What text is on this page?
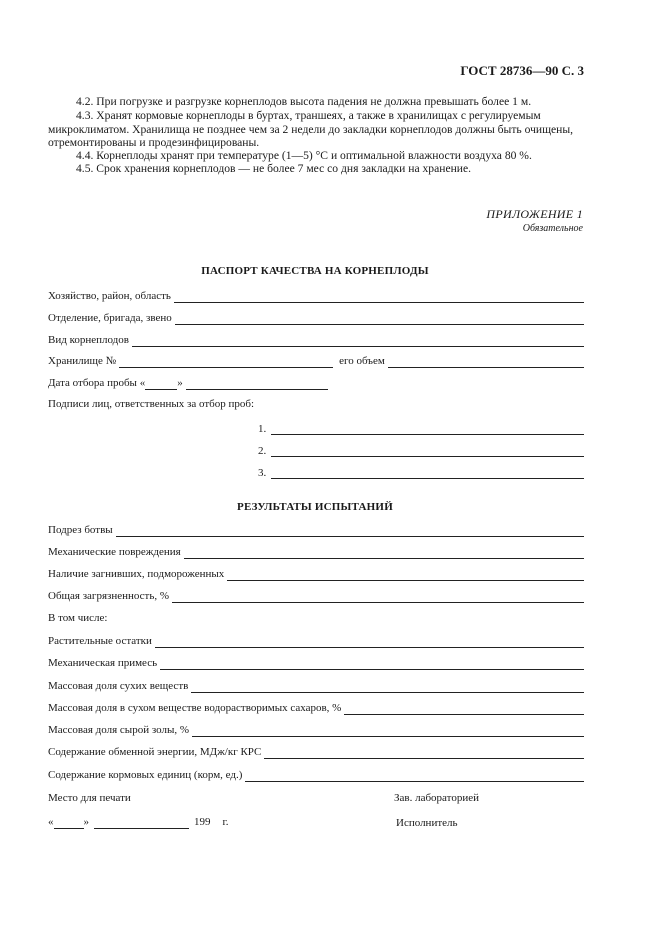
ГОСТ 28736—90 С. 3
4.2. При погрузке и разгрузке корнеплодов высота падения не должна превышать более 1 м.
4.3. Хранят кормовые корнеплоды в буртах, траншеях, а также в хранилищах с регулируемым микроклиматом. Хранилища не позднее чем за 2 недели до закладки корнеплодов должны быть очищены, отремонтированы и продезинфицированы.
4.4. Корнеплоды хранят при температуре (1—5) °С и оптимальной влажности воздуха 80 %.
4.5. Срок хранения корнеплодов — не более 7 мес со дня закладки на хранение.
ПРИЛОЖЕНИЕ 1
Обязательное
ПАСПОРТ КАЧЕСТВА НА КОРНЕПЛОДЫ
Хозяйство, район, область
Отделение, бригада, звено
Вид корнеплодов
Хранилище №	его объем
Дата отбора пробы «	»
Подписи лиц, ответственных за отбор проб:
1.
2.
3.
РЕЗУЛЬТАТЫ ИСПЫТАНИЙ
Подрез ботвы
Механические повреждения
Наличие загнивших, подмороженных
Общая загрязненность, %
В том числе:
Растительные остатки
Механическая примесь
Массовая доля сухих веществ
Массовая доля в сухом веществе водорастворимых сахаров, %
Массовая доля сырой золы, %
Содержание обменной энергии, МДж/кг КРС
Содержание кормовых единиц (корм, ед.)
Место для печати	Зав. лабораторией
«	»	199 г.	Исполнитель
